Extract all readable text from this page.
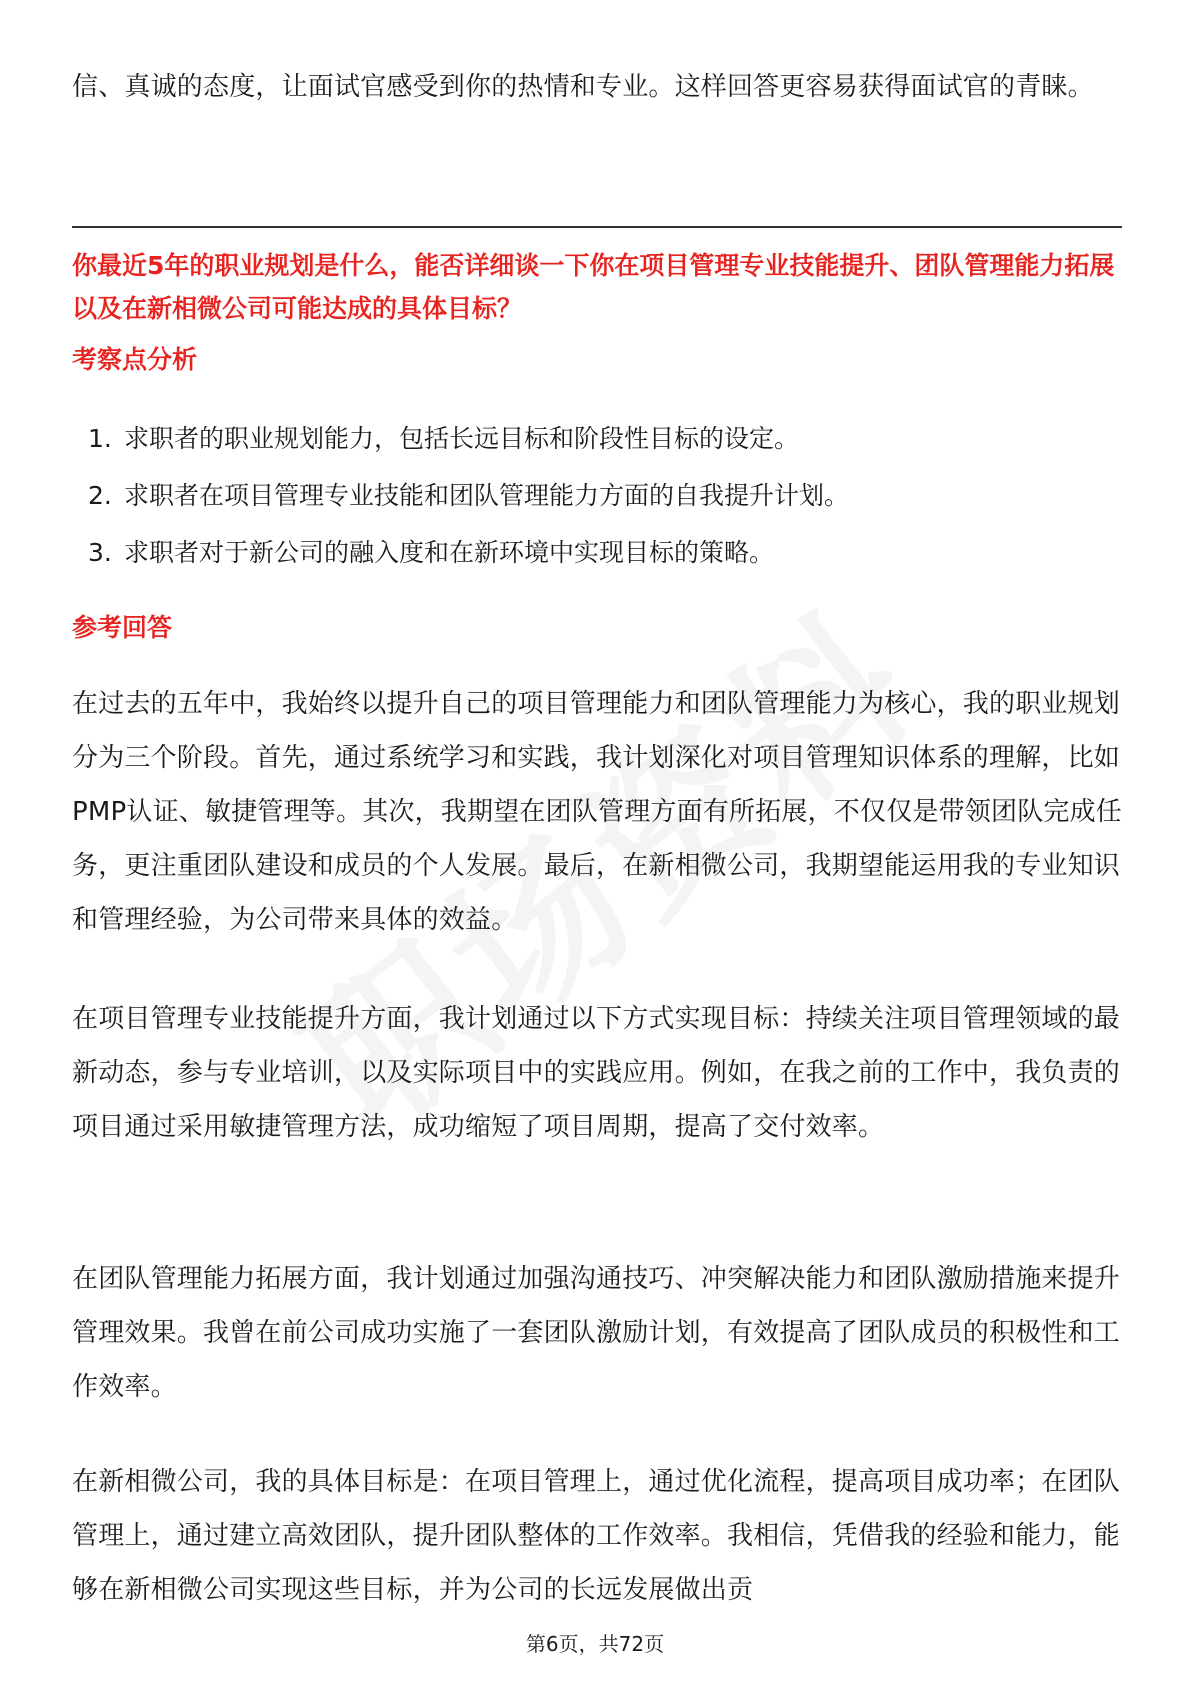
信、真诚的态度，让面试官感受到你的热情和专业。这样回答更容易获得面试官的青睐。

你最近5年的职业规划是什么，能否详细谈一下你在项目管理专业技能提升、团队管理能力拓展以及在新相微公司可能达成的具体目标？

考察点分析
1. 求职者的职业规划能力，包括长远目标和阶段性目标的设定。
2. 求职者在项目管理专业技能和团队管理能力方面的自我提升计划。
3. 求职者对于新公司的融入度和在新环境中实现目标的策略。
参考回答

在过去的五年中，我始终以提升自己的项目管理能力和团队管理能力为核心，我的职业规划分为三个阶段。首先，通过系统学习和实践，我计划深化对项目管理知识体系的理解，比如PMP认证、敏捷管理等。其次，我期望在团队管理方面有所拓展，不仅仅是带领团队完成任务，更注重团队建设和成员的个人发展。最后，在新相微公司，我期望能运用我的专业知识和管理经验，为公司带来具体的效益。

在项目管理专业技能提升方面，我计划通过以下方式实现目标：持续关注项目管理领域的最新动态，参与专业培训，以及实际项目中的实践应用。例如，在我之前的工作中，我负责的项目通过采用敏捷管理方法，成功缩短了项目周期，提高了交付效率。

在团队管理能力拓展方面，我计划通过加强沟通技巧、冲突解决能力和团队激励措施来提升管理效果。我曾在前公司成功实施了一套团队激励计划，有效提高了团队成员的积极性和工作效率。

在新相微公司，我的具体目标是：在项目管理上，通过优化流程，提高项目成功率；在团队管理上，通过建立高效团队，提升团队整体的工作效率。我相信，凭借我的经验和能力，能够在新相微公司实现这些目标，并为公司的长远发展做出贡

第6页，共72页
